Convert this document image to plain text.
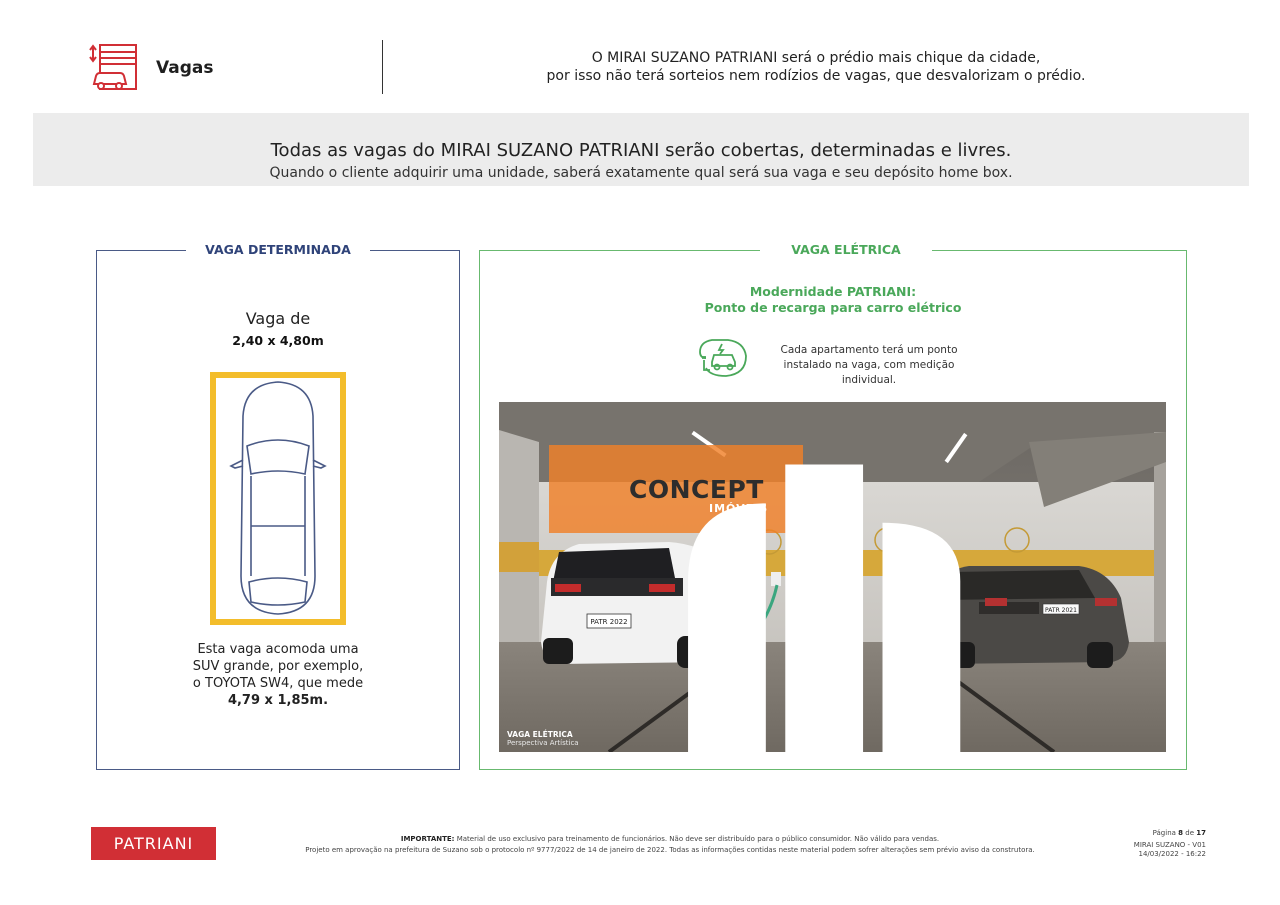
Vagas	O MIRAI SUZANO PATRIANI será o prédio mais chique da cidade,
por isso não terá sorteios nem rodízios de vagas, que desvalorizam o prédio.
Todas as vagas do MIRAI SUZANO PATRIANI serão cobertas, determinadas e livres.
Quando o cliente adquirir uma unidade, saberá exatamente qual será sua vaga e seu depósito home box.
VAGA DETERMINADA
Vaga de
2,40 x 4,80m
Esta vaga acomoda uma
SUV grande, por exemplo,
o TOYOTA SW4, que mede
4,79 x 1,85m.
VAGA ELÉTRICA
Modernidade PATRIANI:
Ponto de recarga para carro elétrico
Cada apartamento terá um ponto
instalado na vaga, com medição individual.
PATR 2022
PATR 2021
CONCEPT
IMÓVEIS
VAGA ELÉTRICA
Perspectiva Artística
PATRIANI	IMPORTANTE: Material de uso exclusivo para treinamento de funcionários. Não deve ser distribuído para o público consumidor. Não válido para vendas.
Projeto em aprovação na prefeitura de Suzano sob o protocolo nº 9777/2022 de 14 de janeiro de 2022. Todas as informações contidas neste material podem sofrer alterações sem prévio aviso da construtora.
Página 8 de 17
MIRAI SUZANO - V01
14/03/2022 - 16:22
